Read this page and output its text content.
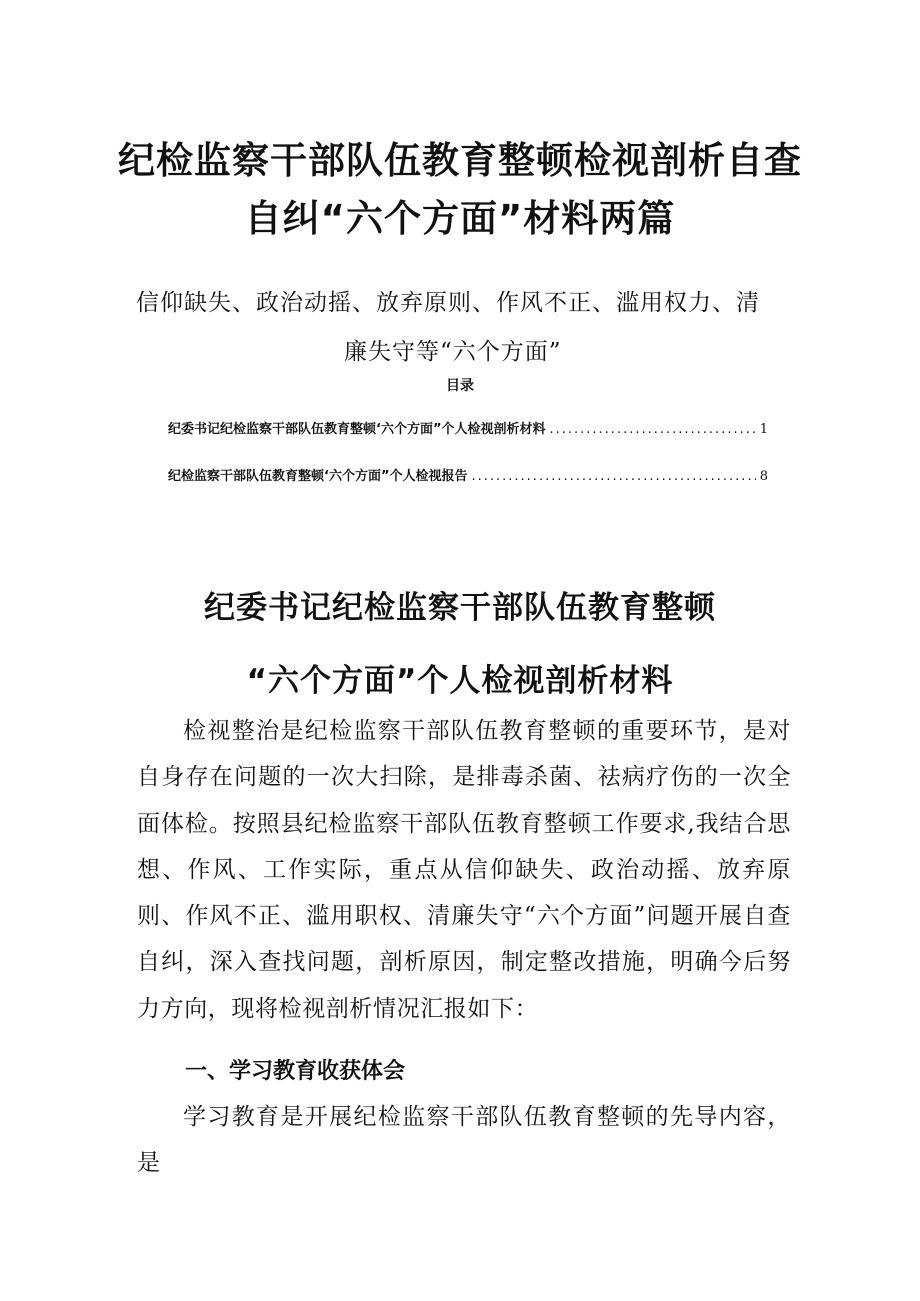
纪检监察干部队伍教育整顿检视剖析自查
自纠“六个方面”材料两篇
信仰缺失、政治动摇、放弃原则、作风不正、滥用权力、清
廉失守等“六个方面”
目录
纪委书记纪检监察干部队伍教育整顿‘六个方面”个人检视剖析材料 .....	1
纪检监察干部队伍教育整顿‘六个方面”个人检视报告 .....	8
纪委书记纪检监察干部队伍教育整顿
“六个方面”个人检视剖析材料

检视整治是纪检监察干部队伍教育整顿的重要环节，是对自身存在问题的一次大扫除，是排毒杀菌、祛病疗伤的一次全面体检。按照县纪检监察干部队伍教育整顿工作要求,我结合思想、作风、工作实际，重点从信仰缺失、政治动摇、放弃原则、作风不正、滥用职权、清廉失守“六个方面”问题开展自查自纠，深入查找问题，剖析原因，制定整改措施，明确今后努力方向，现将检视剖析情况汇报如下：

一、学习教育收获体会

学习教育是开展纪检监察干部队伍教育整顿的先导内容，是
